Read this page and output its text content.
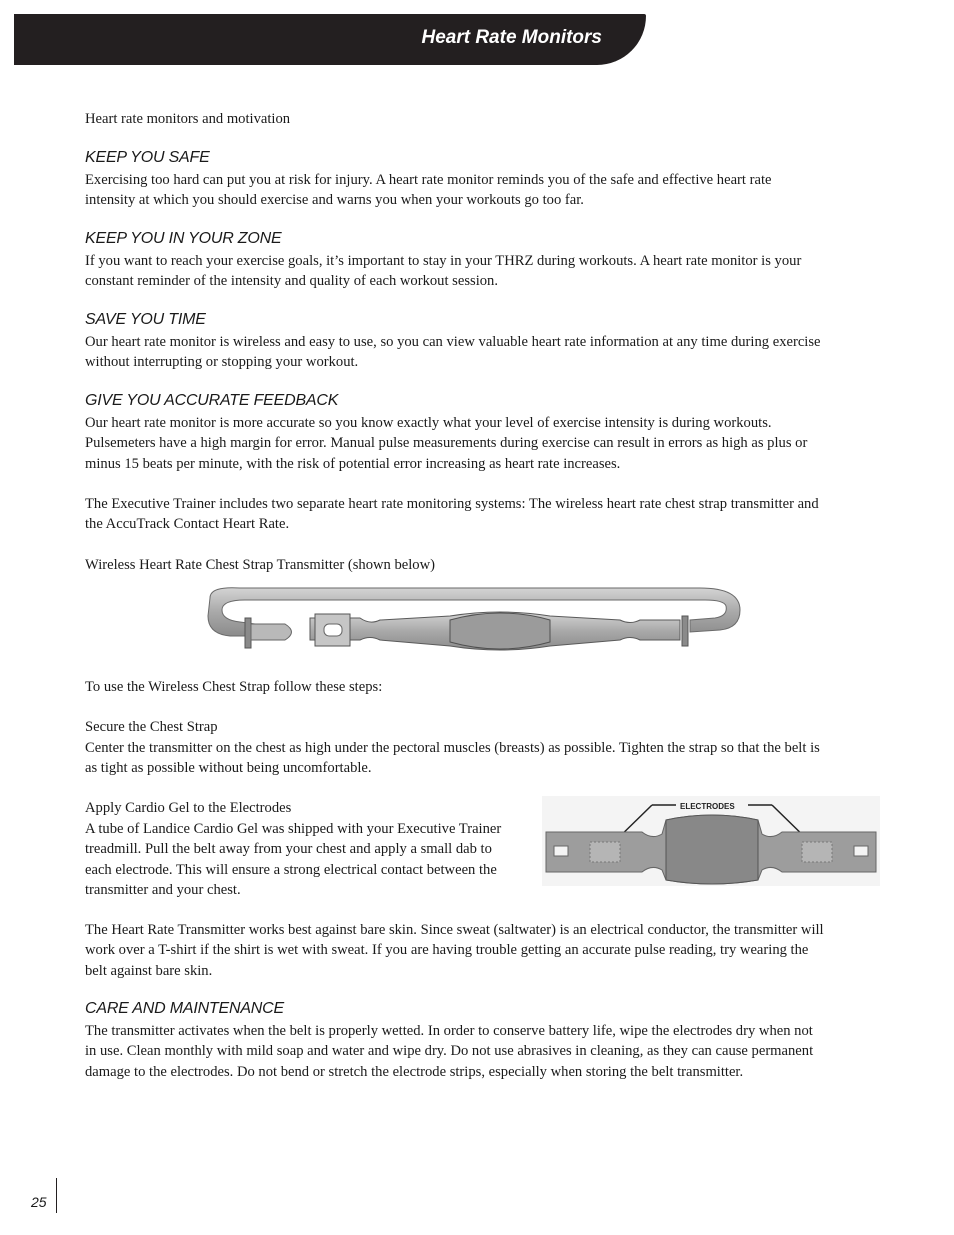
Heart Rate Monitors

Heart rate monitors and motivation

KEEP YOU SAFE

Exercising too hard can put you at risk for injury. A heart rate monitor reminds you of the safe and effective heart rate
intensity at which you should exercise and warns you when your workouts go too far.

KEEP YOU IN YOUR ZONE

If you want to reach your exercise goals, it’s important to stay in your THRZ during workouts. A heart rate monitor is your
constant reminder of the intensity and quality of each workout session.

SAVE YOU TIME

Our heart rate monitor is wireless and easy to use, so you can view valuable heart rate information at any time during exercise
without interrupting or stopping your workout.

GIVE YOU ACCURATE FEEDBACK

Our heart rate monitor is more accurate so you know exactly what your level of exercise intensity is during workouts.
Pulsemeters have a high margin for error. Manual pulse measurements during exercise can result in errors as high as plus or
minus 15 beats per minute, with the risk of potential error increasing as heart rate increases.

The Executive Trainer includes two separate heart rate monitoring systems: The wireless heart rate chest strap transmitter and
the AccuTrack Contact Heart Rate.

Wireless Heart Rate Chest Strap Transmitter (shown below)

To use the Wireless Chest Strap follow these steps:

Secure the Chest Strap

Center the transmitter on the chest as high under the pectoral muscles (breasts) as possible. Tighten the strap so that the belt is
as tight as possible without being uncomfortable.

Apply Cardio Gel to the Electrodes

A tube of Landice Cardio Gel was shipped with your Executive Trainer
treadmill. Pull the belt away from your chest and apply a small dab to
each electrode. This will ensure a strong electrical contact between the
transmitter and your chest.

ELECTRODES

The Heart Rate Transmitter works best against bare skin. Since sweat (saltwater) is an electrical conductor, the transmitter will
work over a T-shirt if the shirt is wet with sweat. If you are having trouble getting an accurate pulse reading, try wearing the
belt against bare skin.

CARE AND MAINTENANCE

The transmitter activates when the belt is properly wetted. In order to conserve battery life, wipe the electrodes dry when not
in use. Clean monthly with mild soap and water and wipe dry. Do not use abrasives in cleaning, as they can cause permanent
damage to the electrodes. Do not bend or stretch the electrode strips, especially when storing the belt transmitter.

25
